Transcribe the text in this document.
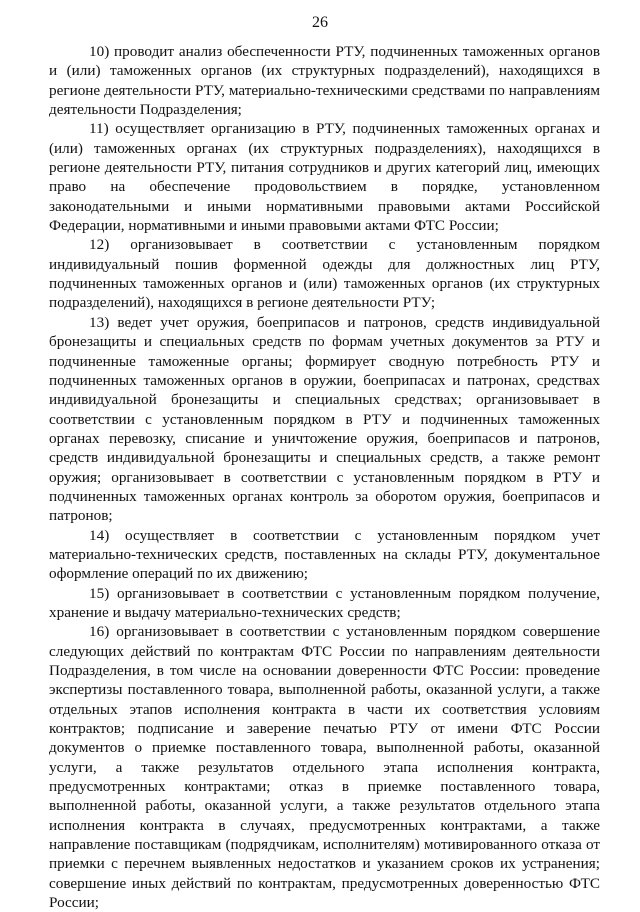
26

10) проводит анализ обеспеченности РТУ, подчиненных таможенных органов и (или) таможенных органов (их структурных подразделений), находящихся в регионе деятельности РТУ, материально-техническими средствами по направлениям деятельности Подразделения;

11) осуществляет организацию в РТУ, подчиненных таможенных органах и (или) таможенных органах (их структурных подразделениях), находящихся в регионе деятельности РТУ, питания сотрудников и других категорий лиц, имеющих право на обеспечение продовольствием в порядке, установленном законодательными и иными нормативными правовыми актами Российской Федерации, нормативными и иными правовыми актами ФТС России;

12) организовывает в соответствии с установленным порядком индивидуальный пошив форменной одежды для должностных лиц РТУ, подчиненных таможенных органов и (или) таможенных органов (их структурных подразделений), находящихся в регионе деятельности РТУ;

13) ведет учет оружия, боеприпасов и патронов, средств индивидуальной бронезащиты и специальных средств по формам учетных документов за РТУ и подчиненные таможенные органы; формирует сводную потребность РТУ и подчиненных таможенных органов в оружии, боеприпасах и патронах, средствах индивидуальной бронезащиты и специальных средствах; организовывает в соответствии с установленным порядком в РТУ и подчиненных таможенных органах перевозку, списание и уничтожение оружия, боеприпасов и патронов, средств индивидуальной бронезащиты и специальных средств, а также ремонт оружия; организовывает в соответствии с установленным порядком в РТУ и подчиненных таможенных органах контроль за оборотом оружия, боеприпасов и патронов;

14) осуществляет в соответствии с установленным порядком учет материально-технических средств, поставленных на склады РТУ, документальное оформление операций по их движению;

15) организовывает в соответствии с установленным порядком получение, хранение и выдачу материально-технических средств;

16) организовывает в соответствии с установленным порядком совершение следующих действий по контрактам ФТС России по направлениям деятельности Подразделения, в том числе на основании доверенности ФТС России: проведение экспертизы поставленного товара, выполненной работы, оказанной услуги, а также отдельных этапов исполнения контракта в части их соответствия условиям контрактов; подписание и заверение печатью РТУ от имени ФТС России документов о приемке поставленного товара, выполненной работы, оказанной услуги, а также результатов отдельного этапа исполнения контракта, предусмотренных контрактами; отказ в приемке поставленного товара, выполненной работы, оказанной услуги, а также результатов отдельного этапа исполнения контракта в случаях, предусмотренных контрактами, а также направление поставщикам (подрядчикам, исполнителям) мотивированного отказа от приемки с перечнем выявленных недостатков и указанием сроков их устранения; совершение иных действий по контрактам, предусмотренных доверенностью ФТС России;
